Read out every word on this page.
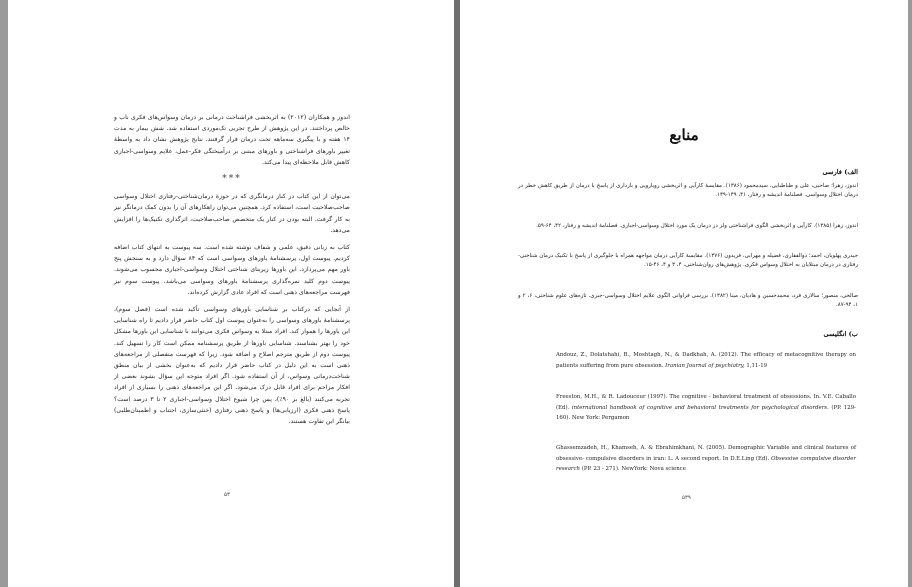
اندوز و همکاران (۲۰۱۲) به اثربخشی فراشناخت درمانی بر درمان وسواس‌های فکری ناب و خالص پرداختند. در این پژوهش از طرح تجربی تک‌موردی استفاده شد. شش بیمار به مدت ۱۴ هفته و با پیگیری سه‌ماهه تحت درمان قرار گرفتند. نتایج پژوهش نشان داد به واسطهٔ تغییر باورهای فراشناختی و باورهای مبتنی بر درآمیختگی فکر-عمل، علایم وسواسی-اجباری کاهش قابل ملاحظه‌ای پیدا می‌کند.

***

می‌توان از این کتاب در کنار درمانگری که در حوزهٔ درمان‌شناختی-رفتاری اختلال وسواسی صاحب‌صلاحیت است، استفاده کرد. همچنین می‌توان راهکارهای آن را بدون کمک درمانگر نیز به کار گرفت. البته بودن در کنار یک متخصص صاحب‌صلاحیت، اثرگذاری تکنیک‌ها را افزایش می‌دهد.

کتاب به زبانی دقیق، علمی و شفاف نوشته شده است. سه پیوست به انتهای کتاب اضافه کردیم. پیوست اول، پرسشنامهٔ باورهای وسواسی است که ۸۴ سؤال دارد و به سنجش پنج باور مهم می‌پردازد. این باورها زیربنای شناختی اختلال وسواسی-اجباری محسوب می‌شوند. پیوست دوم کلید نمره‌گذاری پرسشنامهٔ باورهای وسواسی می‌باشد. پیوست سوم نیز فهرست مراجعه‌های ذهنی است که افراد عادی گزارش کرده‌اند.

از آنجایی که درکتاب بر شناسایی باورهای وسواسی تأکید شده است (فصل سوم)، پرسشنامهٔ باورهای وسواسی را به‌عنوان پیوست اول کتاب حاضر قرار دادیم تا راه شناسایی این باورها را هموار کند. افراد مبتلا به وسواس فکری می‌توانند با شناسایی این باورها مشکل خود را بهتر بشناسند. شناسایی باورها از طریق پرسشنامه ممکن است کار را تسهیل کند. پیوست دوم از طریق مترجم اصلاح و اضافه شود. زیرا که فهرست منفصلی از مراجعه‌های ذهنی است به این دلیل در کتاب حاضر قرار دادیم که به‌عنوان بخشی از بیان منطق شناخت‌درمانی وسواس، از آن استفاده شود. اگر افراد متوجه این سؤال بشوند بعضی از افکار مزاحم برای افراد قابل درک می‌شود. اگر این مراجعه‌های ذهنی را بسیاری از افراد تجربه می‌کنند (بالغ بر ۹۰٪)، پس چرا شیوع اختلال وسواسی-اجباری ۲ تا ۳ درصد است؟ پاسخ ذهنی فکری (ارزیابی‌ها) و پاسخ ذهنی رفتاری (خنثی‌سازی، اجتناب و اطمینان‌طلبی) بیانگر این تفاوت هستند.

۵۳
منابع
الف) فارسی
اندوز، زهرا؛ صاحبی، علی و طباطبایی، سیدمحمود (۱۳۸۶). مقایسهٔ کارآیی و اثربخشی رویارویی و بازداری از پاسخ با درمان از طریق کاهش خطر در درمان اختلال وسواسی. فصلنامهٔ اندیشه و رفتار، ۴۱، ۱۴۹-۱۳۹.
اندوز، زهرا (۱۳۸۵). کارآیی و اثربخشی الگوی فراشناختی ولز در درمان یک مورد اختلال وسواسی-اجباری. فصلنامهٔ اندیشه و رفتار، ۴۲، ۶۴-۵۹.
حیدری پهلویان، احمد؛ ذوالفقاری، فضیله و مهرابی، فریدون (۱۳۷۶). مقایسهٔ کارآیی درمان مواجهه همراه با جلوگیری از پاسخ با تکنیک درمان شناختی-رفتاری در درمان مبتلایان به اختلال وسواس فکری. پژوهش‌های روان‌شناختی، ۴، ۳ و ۴، ۴۶-۱۵.
صالحی، منصور؛ سالاری فرد، محمدحسین و هادیان، مینا (۱۳۸۲). بررسی فراوانی الگوی علایم اختلال وسواسی-جبری. تازه‌های علوم شناختی، ۶، ۲ و ۱، ۹۴-۸۷.
ب) انگلیسی
Andouz, Z., Dolatshahi, B., Moshtagh, N., & Dadkhah, A. (2012). The efficacy of metacognitive therapy on patients suffering from pure obsession. Iranian Journal of psychiatry, 1,11-19
Freeston, M.H., & R. Ladouceur (1997). The cognitive - behavioral treatment of obsessions. In. V.E. Caballo (Ed). international handbook of cognitive and behavioral treatments for psychological disorders. (PP. 129-160). New York: Pergamon
Ghassemzadeh, H., Khamseh, A. & Ebrahimkhani, N. (2005). Demographic Variable and clinical features of obsessive- compulsive disorders in iran: L. A second report. In D.E.Ling (Ed). Obsessive compulsive disorder research (PP. 23 - 271). NewYork: Nova science
۵۳۹
